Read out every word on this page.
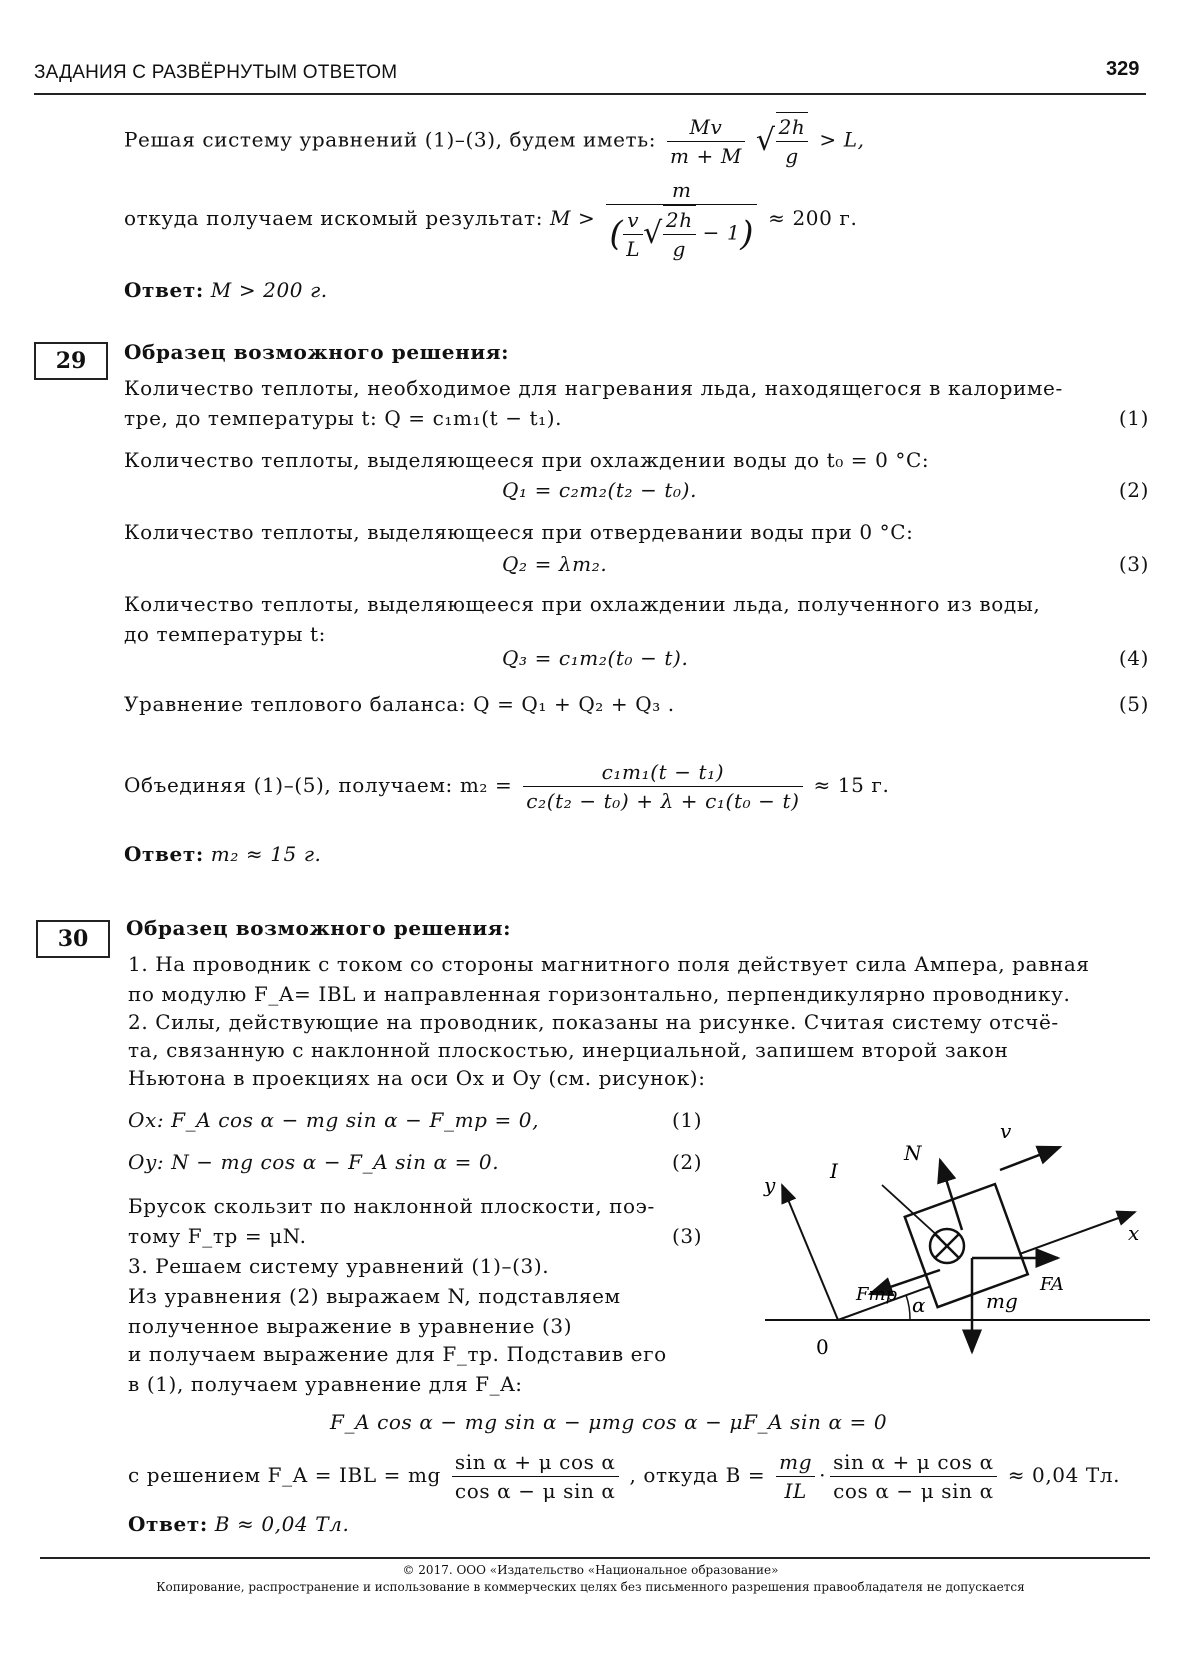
ЗАДАНИЯ С РАЗВЁРНУТЫМ ОТВЕТОМ	329
Решая систему уравнений (1)–(3), будем иметь: $\frac{Mv}{m + M}$ √ $\frac{2h}{g} > L$,
откуда получаем искомый результат: $M > \frac{m}{( \frac{v}{L} √ \frac{2h}{g} - 1)} \approx 200$ г.
Ответ: M > 200 г.
29	Образец возможного решения:
Количество теплоты, необходимое для нагревания льда, находящегося в калориме-
тре, до температуры t: Q = c₁m₁(t − t₁).	(1)
Количество теплоты, выделяющееся при охлаждении воды до t₀ = 0 °C:
Q₁ = c₂m₂(t₂ − t₀).	(2)
Количество теплоты, выделяющееся при отвердевании воды при 0 °C:
Q₂ = λm₂.	(3)
Количество теплоты, выделяющееся при охлаждении льда, полученного из воды,
до температуры t:
Q₃ = c₁m₂(t₀ − t).	(4)
Уравнение теплового баланса: Q = Q₁ + Q₂ + Q₃ .	(5)
Объединяя (1)–(5), получаем: $m_2 = \frac{\text{c₁m₁(t − t₁)}}{\text{c₂(t₂ − t₀) + λ + c₁(t₀ − t)}} \approx 15$ г.
Ответ: m₂ ≈ 15 г.
30	Образец возможного решения:
1. На проводник с током со стороны магнитного поля действует сила Ампера, равная
по модулю F_A= IBL и направленная горизонтально, перпендикулярно проводнику.
2. Силы, действующие на проводник, показаны на рисунке. Считая систему отсчё-
та, связанную с наклонной плоскостью, инерциальной, запишем второй закон
Ньютона в проекциях на оси Ox и Oy (см. рисунок):
Ox: F_A cos α − mg sin α − F_тр = 0,	(1)
Oy: N − mg cos α − F_A sin α = 0.	(2)
Брусок скользит по наклонной плоскости, поэ-
тому F_тр = μN.	(3)
3. Решаем систему уравнений (1)–(3).
Из уравнения (2) выражаем N, подставляем
полученное выражение в уравнение (3)
и получаем выражение для F_тр. Подставив его
в (1), получаем уравнение для F_A:
N
v
I
y
x
Fтр	FA
α	mg
0
F_A cos α − mg sin α − μmg cos α − μF_A sin α = 0
с решением F_A = IBL = mg $\frac{\text{sin α + μ cos α}}{\text{cos α − μ sin α}}$ , откуда $B = \frac{mg}{IL} \cdot \frac{\text{sin α + μ cos α}}{\text{cos α − μ sin α}} \approx 0,04$ Тл.
Ответ: B ≈ 0,04 Тл.
© 2017. ООО «Издательство «Национальное образование»
Копирование, распространение и использование в коммерческих целях без письменного разрешения правообладателя не допускается
